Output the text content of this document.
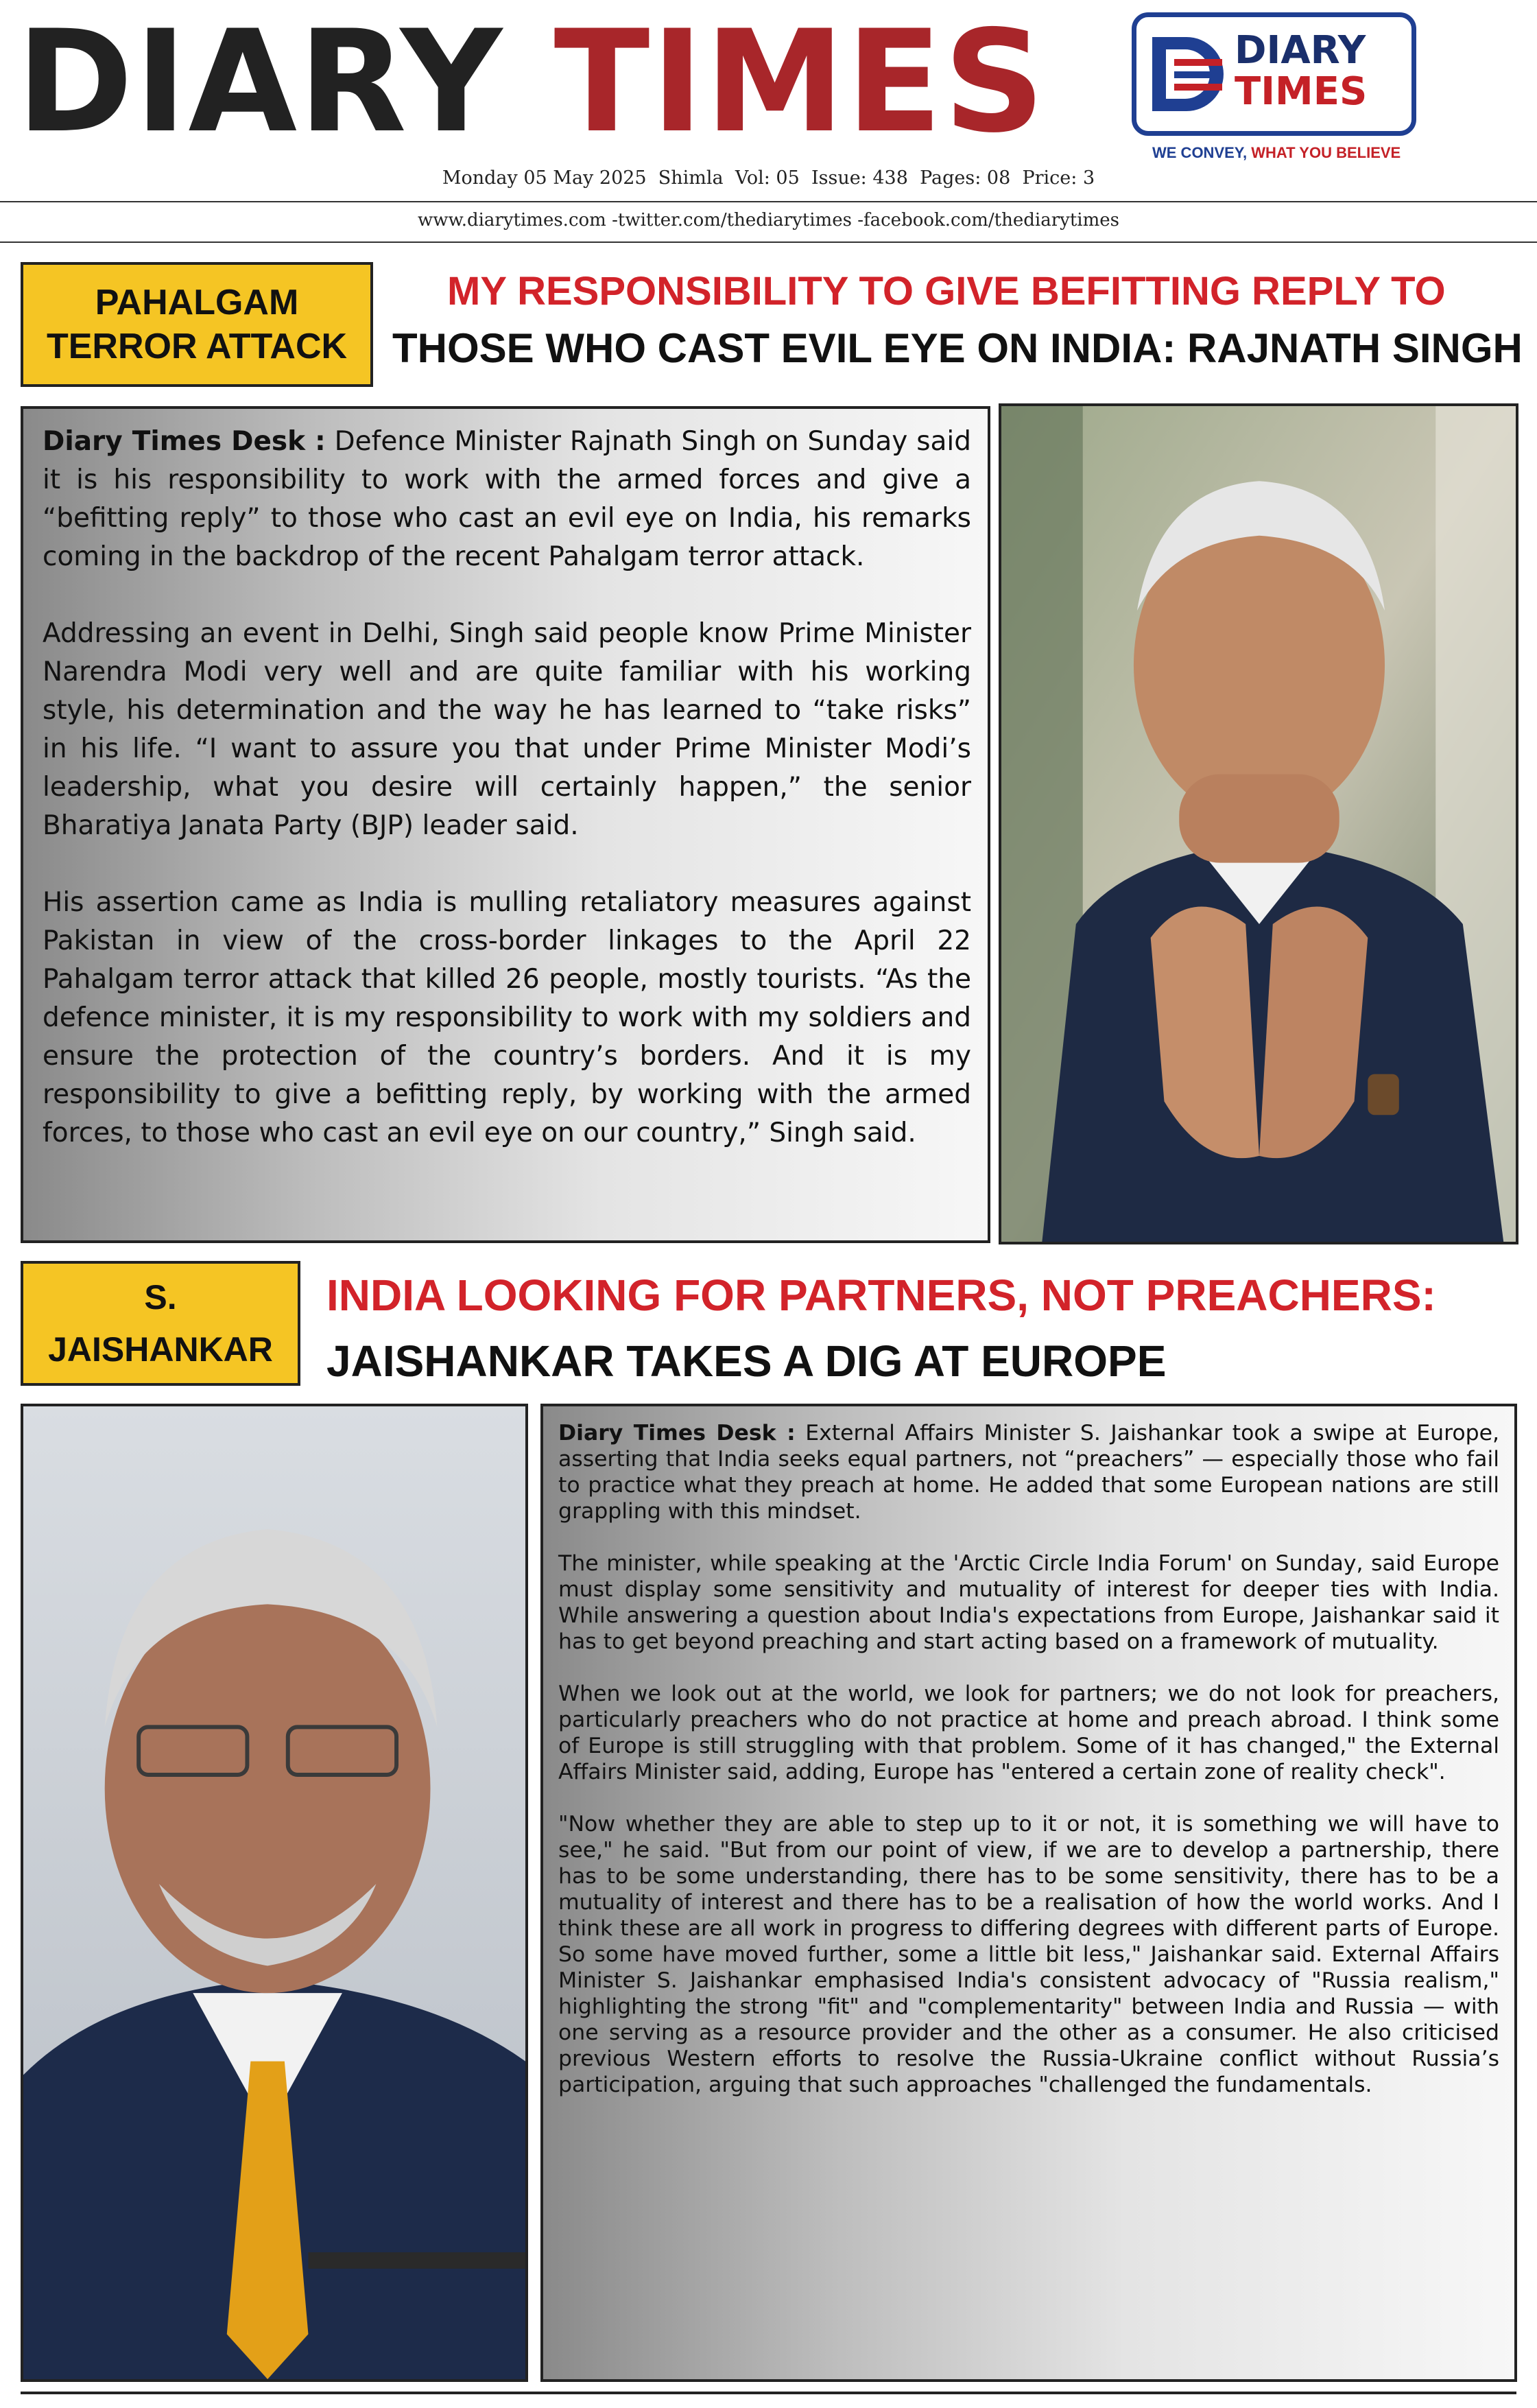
DIARY TIMES	DIARY
TIMES
WE CONVEY, WHAT YOU BELIEVE
Monday 05 May 2025 Shimla Vol: 05 Issue: 438 Pages: 08 Price: 3
www.diarytimes.com -twitter.com/thediarytimes -facebook.com/thediarytimes
PAHALGAM
TERROR ATTACK
MY RESPONSIBILITY TO GIVE BEFITTING REPLY TO
THOSE WHO CAST EVIL EYE ON INDIA: RAJNATH SINGH

Diary Times Desk : Defence Minister Rajnath Singh on Sunday said it is his responsibility to work with the armed forces and give a “befitting reply” to those who cast an evil eye on India, his remarks coming in the backdrop of the recent Pahalgam terror attack.

Addressing an event in Delhi, Singh said people know Prime Minister Narendra Modi very well and are quite familiar with his working style, his determination and the way he has learned to “take risks” in his life. “I want to assure you that under Prime Minister Modi’s leadership, what you desire will certainly happen,” the senior Bharatiya Janata Party (BJP) leader said.

His assertion came as India is mulling retaliatory measures against Pakistan in view of the cross-border linkages to the April 22 Pahalgam terror attack that killed 26 people, mostly tourists. “As the defence minister, it is my responsibility to work with my soldiers and ensure the protection of the country’s borders. And it is my responsibility to give a befitting reply, by working with the armed forces, to those who cast an evil eye on our country,” Singh said.

S.
JAISHANKAR
INDIA LOOKING FOR PARTNERS, NOT PREACHERS:
JAISHANKAR TAKES A DIG AT EUROPE

Diary Times Desk : External Affairs Minister S. Jaishankar took a swipe at Europe, asserting that India seeks equal partners, not “preachers” — especially those who fail to practice what they preach at home. He added that some European nations are still grappling with this mindset.

The minister, while speaking at the 'Arctic Circle India Forum' on Sunday, said Europe must display some sensitivity and mutuality of interest for deeper ties with India. While answering a question about India's expectations from Europe, Jaishankar said it has to get beyond preaching and start acting based on a framework of mutuality.

When we look out at the world, we look for partners; we do not look for preachers, particularly preachers who do not practice at home and preach abroad. I think some of Europe is still struggling with that problem. Some of it has changed," the External Affairs Minister said, adding, Europe has "entered a certain zone of reality check".

"Now whether they are able to step up to it or not, it is something we will have to see," he said. "But from our point of view, if we are to develop a partnership, there has to be some understanding, there has to be some sensitivity, there has to be a mutuality of interest and there has to be a realisation of how the world works. And I think these are all work in progress to differing degrees with different parts of Europe. So some have moved further, some a little bit less," Jaishankar said. External Affairs Minister S. Jaishankar emphasised India's consistent advocacy of "Russia realism," highlighting the strong "fit" and "complementarity" between India and Russia — with one serving as a resource provider and the other as a consumer. He also criticised previous Western efforts to resolve the Russia-Ukraine conflict without Russia’s participation, arguing that such approaches "challenged the fundamentals.
